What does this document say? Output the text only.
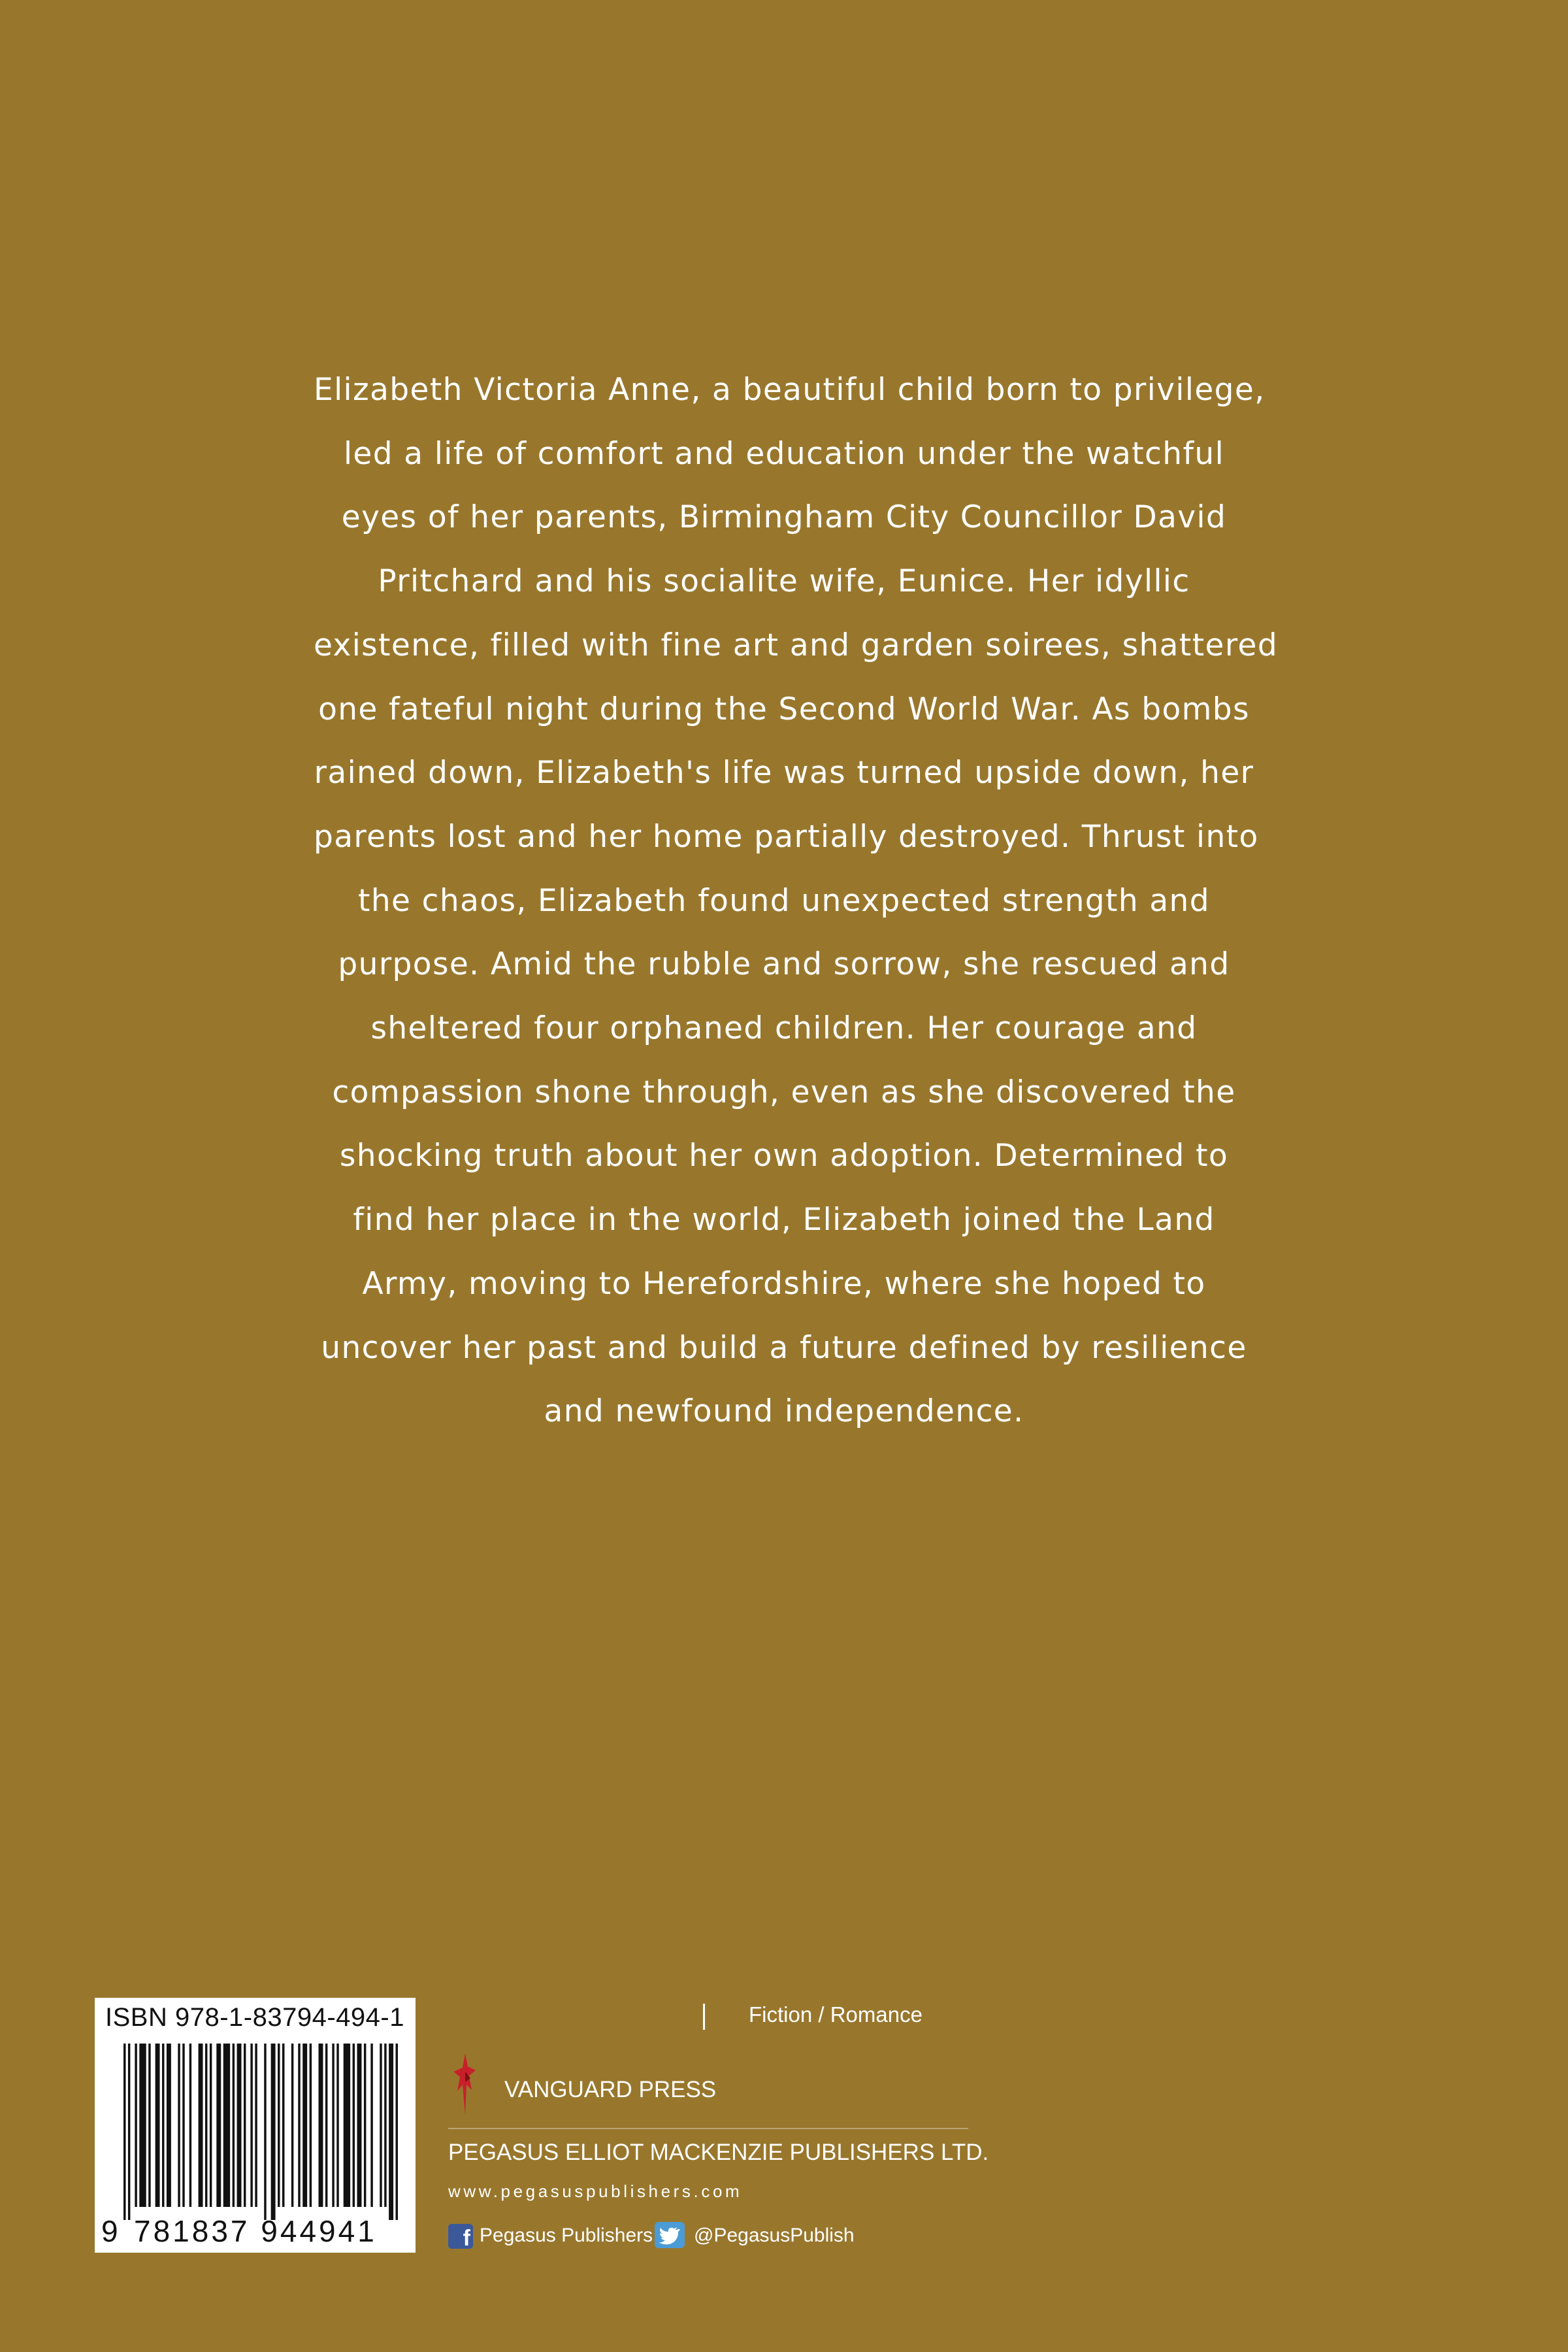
Elizabeth Victoria Anne, a beautiful child born to privilege,
led a life of comfort and education under the watchful
eyes of her parents, Birmingham City Councillor David
Pritchard and his socialite wife, Eunice. Her idyllic
existence, filled with fine art and garden soirees, shattered
one fateful night during the Second World War. As bombs
rained down, Elizabeth's life was turned upside down, her
parents lost and her home partially destroyed. Thrust into
the chaos, Elizabeth found unexpected strength and
purpose. Amid the rubble and sorrow, she rescued and
sheltered four orphaned children. Her courage and
compassion shone through, even as she discovered the
shocking truth about her own adoption. Determined to
find her place in the world, Elizabeth joined the Land
Army, moving to Herefordshire, where she hoped to
uncover her past and build a future defined by resilience
and newfound independence.

ISBN 978-1-83794-494-1
9 781837 944941
Fiction / Romance
VANGUARD PRESS
PEGASUS ELLIOT MACKENZIE PUBLISHERS LTD.
www.pegasuspublishers.com
f Pegasus Publishers @PegasusPublish
